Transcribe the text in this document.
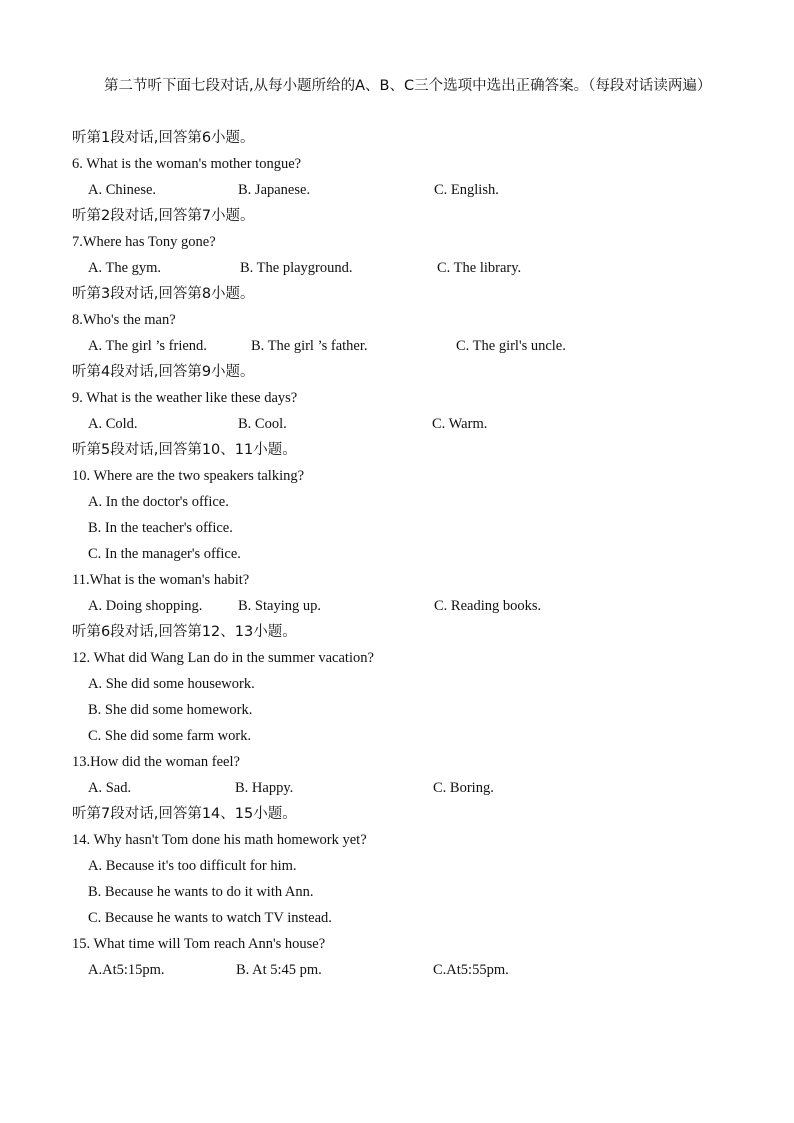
第二节听下面七段对话,从每小题所给的A、B、C三个选项中选出正确答案。（每段对话读两遍）
听第1段对话,回答第6小题。
6. What is the woman's mother tongue?
A. Chinese.	B. Japanese.	C. English.
听第2段对话,回答第7小题。
7.Where has Tony gone?
A. The gym.	B. The playground.	C. The library.
听第3段对话,回答第8小题。
8.Who's the man?
A. The girl ’s friend.	B. The girl ’s father.	C. The girl's uncle.
听第4段对话,回答第9小题。
9. What is the weather like these days?
A. Cold.	B. Cool.	C. Warm.
听第5段对话,回答第10、11小题。
10. Where are the two speakers talking?
A. In the doctor's office.
B. In the teacher's office.
C. In the manager's office.
11.What is the woman's habit?
A. Doing shopping. B. Staying up.	C. Reading books.
听第6段对话,回答第12、13小题。
12. What did Wang Lan do in the summer vacation?
A. She did some housework.
B. She did some homework.
C. She did some farm work.
13.How did the woman feel?
A. Sad.	B. Happy.	C. Boring.
听第7段对话,回答第14、15小题。
14. Why hasn't Tom done his math homework yet?
A. Because it's too difficult for him.
B. Because he wants to do it with Ann.
C. Because he wants to watch TV instead.
15. What time will Tom reach Ann's house?
A.At5:15pm.	B. At 5:45 pm.	C.At5:55pm.
